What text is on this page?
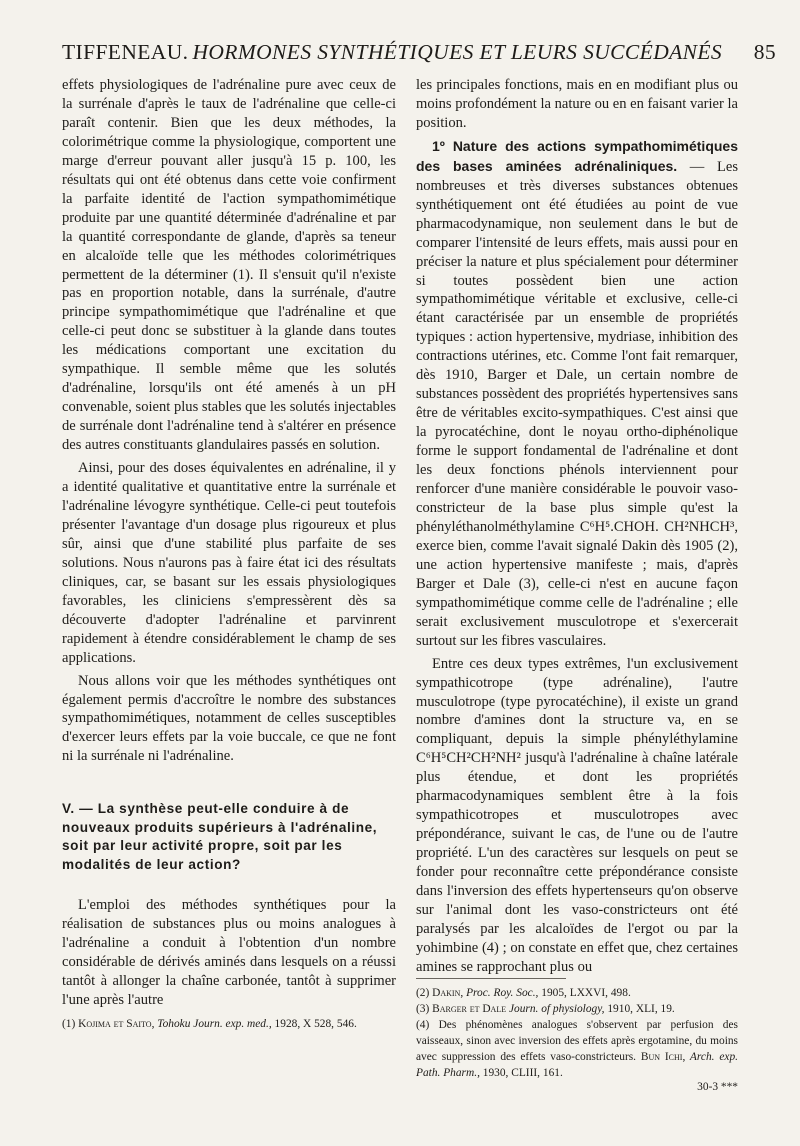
TIFFENEAU. HORMONES SYNTHÉTIQUES ET LEURS SUCCÉDANÉS 85

effets physiologiques de l'adrénaline pure avec ceux de la surrénale d'après le taux de l'adrénaline que celle-ci paraît contenir. Bien que les deux méthodes, la colorimétrique comme la physiologique, comportent une marge d'erreur pouvant aller jusqu'à 15 p. 100, les résultats qui ont été obtenus dans cette voie confirment la parfaite identité de l'action sympathomimétique produite par une quantité déterminée d'adrénaline et par la quantité correspondante de glande, d'après sa teneur en alcaloïde telle que les méthodes colorimétriques permettent de la déterminer (1). Il s'ensuit qu'il n'existe pas en proportion notable, dans la surrénale, d'autre principe sympathomimétique que l'adrénaline et que celle-ci peut donc se substituer à la glande dans toutes les médications comportant une excitation du sympathique. Il semble même que les solutés d'adrénaline, lorsqu'ils ont été amenés à un pH convenable, soient plus stables que les solutés injectables de surrénale dont l'adrénaline tend à s'altérer en présence des autres constituants glandulaires passés en solution.

Ainsi, pour des doses équivalentes en adrénaline, il y a identité qualitative et quantitative entre la surrénale et l'adrénaline lévogyre synthétique. Celle-ci peut toutefois présenter l'avantage d'un dosage plus rigoureux et plus sûr, ainsi que d'une stabilité plus parfaite de ses solutions. Nous n'aurons pas à faire état ici des résultats cliniques, car, se basant sur les essais physiologiques favorables, les cliniciens s'empressèrent dès sa découverte d'adopter l'adrénaline et parvinrent rapidement à étendre considérablement le champ de ses applications.

Nous allons voir que les méthodes synthétiques ont également permis d'accroître le nombre des substances sympathomimétiques, notamment de celles susceptibles d'exercer leurs effets par la voie buccale, ce que ne font ni la surrénale ni l'adrénaline.

V. — La synthèse peut-elle conduire à de nouveaux produits supérieurs à l'adrénaline, soit par leur activité propre, soit par les modalités de leur action?

L'emploi des méthodes synthétiques pour la réalisation de substances plus ou moins analogues à l'adrénaline a conduit à l'obtention d'un nombre considérable de dérivés aminés dans lesquels on a réussi tantôt à allonger la chaîne carbonée, tantôt à supprimer l'une après l'autre

(1) Kojima et Saito, Tohoku Journ. exp. med., 1928, X 528, 546.

les principales fonctions, mais en en modifiant plus ou moins profondément la nature ou en en faisant varier la position.

1º Nature des actions sympathomimétiques des bases aminées adrénaliniques. — Les nombreuses et très diverses substances obtenues synthétiquement ont été étudiées au point de vue pharmacodynamique, non seulement dans le but de comparer l'intensité de leurs effets, mais aussi pour en préciser la nature et plus spécialement pour déterminer si toutes possèdent bien une action sympathomimétique véritable et exclusive, celle-ci étant caractérisée par un ensemble de propriétés typiques : action hypertensive, mydriase, inhibition des contractions utérines, etc. Comme l'ont fait remarquer, dès 1910, Barger et Dale, un certain nombre de substances possèdent des propriétés hypertensives sans être de véritables excito-sympathiques. C'est ainsi que la pyrocatéchine, dont le noyau ortho-diphénolique forme le support fondamental de l'adrénaline et dont les deux fonctions phénols interviennent pour renforcer d'une manière considérable le pouvoir vaso-constricteur de la base plus simple qu'est la phényléthanolméthylamine C⁶H⁵.CHOH. CH²NHCH³, exerce bien, comme l'avait signalé Dakin dès 1905 (2), une action hypertensive manifeste ; mais, d'après Barger et Dale (3), celle-ci n'est en aucune façon sympathomimétique comme celle de l'adrénaline ; elle serait exclusivement musculotrope et s'exercerait surtout sur les fibres vasculaires.

Entre ces deux types extrêmes, l'un exclusivement sympathicotrope (type adrénaline), l'autre musculotrope (type pyrocatéchine), il existe un grand nombre d'amines dont la structure va, en se compliquant, depuis la simple phényléthylamine C⁶H⁵CH²CH²NH² jusqu'à l'adrénaline à chaîne latérale plus étendue, et dont les propriétés pharmacodynamiques semblent être à la fois sympathicotropes et musculotropes avec prépondérance, suivant le cas, de l'une ou de l'autre propriété. L'un des caractères sur lesquels on peut se fonder pour reconnaître cette prépondérance consiste dans l'inversion des effets hypertenseurs qu'on observe sur l'animal dont les vaso-constricteurs ont été paralysés par les alcaloïdes de l'ergot ou par la yohimbine (4) ; on constate en effet que, chez certaines amines se rapprochant plus ou

(2) Dakin, Proc. Roy. Soc., 1905, LXXVI, 498.
(3) Barger et Dale Journ. of physiology, 1910, XLI, 19.
(4) Des phénomènes analogues s'observent par perfusion des vaisseaux, sinon avec inversion des effets après ergotamine, du moins avec suppression des effets vaso-constricteurs. Bun Ichi, Arch. exp. Path. Pharm., 1930, CLIII, 161.
30-3 ***
